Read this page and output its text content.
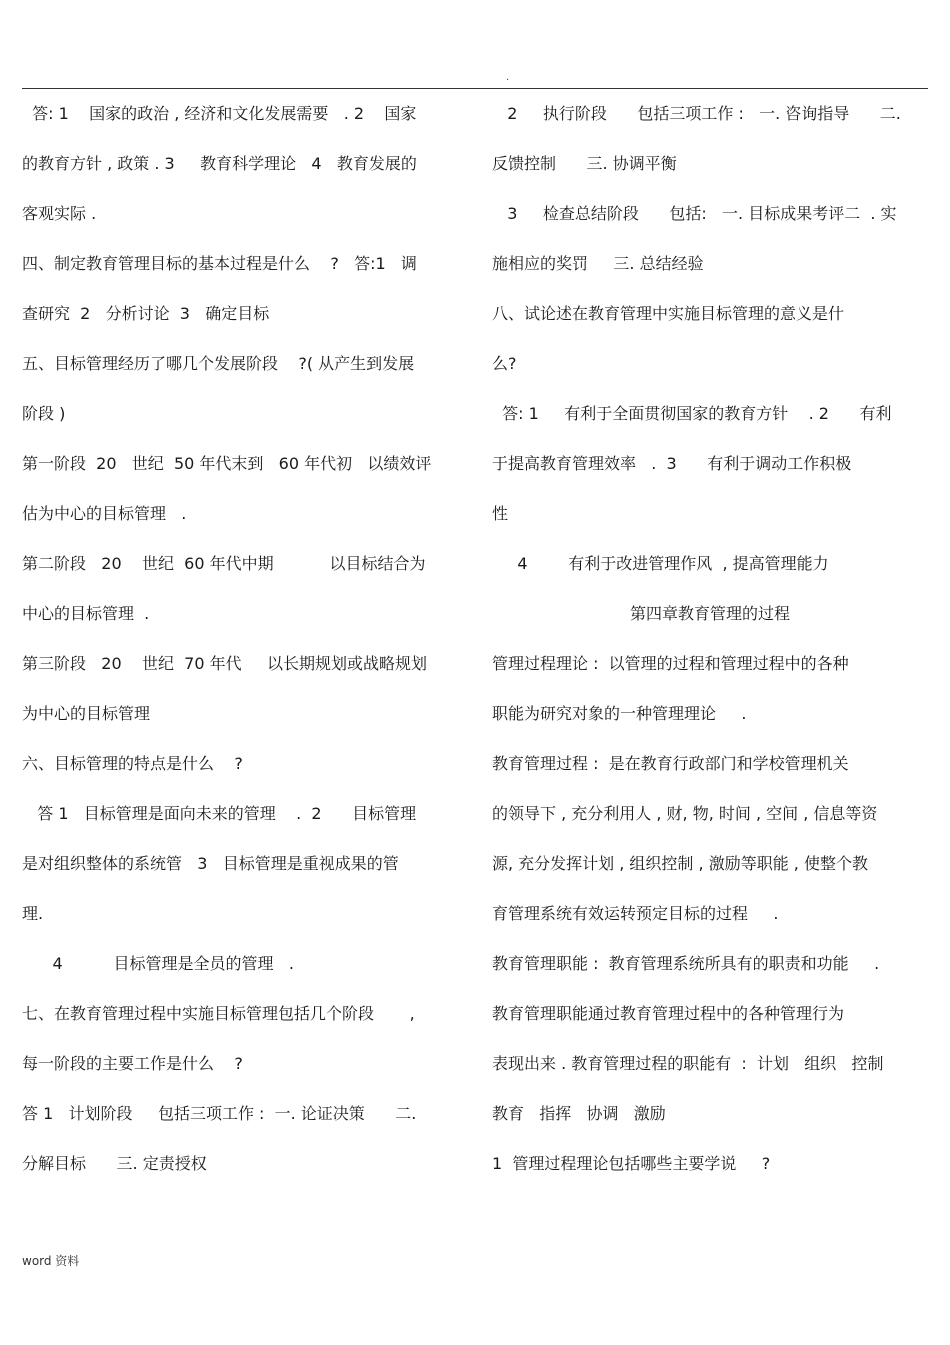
.
答: 1    国家的政治 , 经济和文化发展需要   . 2    国家
的教育方针 , 政策 . 3     教育科学理论   4   教育发展的
客观实际 .
四、制定教育管理目标的基本过程是什么    ?   答:1   调
查研究  2   分析讨论  3   确定目标
五、目标管理经历了哪几个发展阶段    ?( 从产生到发展
阶段 )
第一阶段  20   世纪  50 年代末到   60 年代初   以绩效评
估为中心的目标管理   .
第二阶段   20    世纪  60 年代中期           以目标结合为
中心的目标管理  .
第三阶段   20    世纪  70 年代     以长期规划或战略规划
为中心的目标管理
六、目标管理的特点是什么    ?
答 1   目标管理是面向未来的管理    .  2      目标管理
是对组织整体的系统管   3   目标管理是重视成果的管
理.
4          目标管理是全员的管理   .
七、在教育管理过程中实施目标管理包括几个阶段       ,
每一阶段的主要工作是什么    ?
答 1   计划阶段     包括三项工作 :  一. 论证决策      二.
分解目标      三. 定责授权
2     执行阶段      包括三项工作 :   一. 咨询指导      二.
反馈控制      三. 协调平衡
3     检查总结阶段      包括:   一. 目标成果考评二  . 实
施相应的奖罚     三. 总结经验
八、试论述在教育管理中实施目标管理的意义是什
么?
答: 1     有利于全面贯彻国家的教育方针    . 2      有利
于提高教育管理效率   .  3      有利于调动工作积极
性
4        有利于改进管理作风  , 提高管理能力
第四章教育管理的过程
管理过程理论 :  以管理的过程和管理过程中的各种
职能为研究对象的一种管理理论     .
教育管理过程 :  是在教育行政部门和学校管理机关
的领导下 , 充分利用人 , 财, 物, 时间 , 空间 , 信息等资
源, 充分发挥计划 , 组织控制 , 激励等职能 , 使整个教
育管理系统有效运转预定目标的过程     .
教育管理职能 :  教育管理系统所具有的职责和功能     .
教育管理职能通过教育管理过程中的各种管理行为
表现出来 . 教育管理过程的职能有  :  计划   组织   控制
教育   指挥   协调   激励
1  管理过程理论包括哪些主要学说     ?
word 资料
